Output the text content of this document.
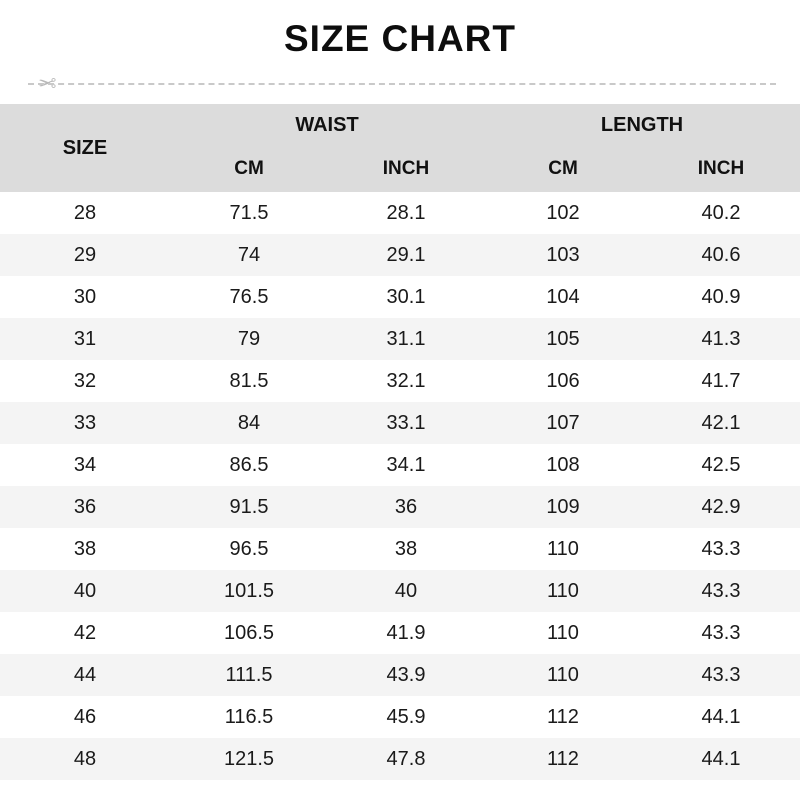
SIZE CHART
✂
SIZE	WAIST		LENGTH	
	CM	INCH	CM	INCH
28	71.5	28.1	102	40.2
29	74	29.1	103	40.6
30	76.5	30.1	104	40.9
31	79	31.1	105	41.3
32	81.5	32.1	106	41.7
33	84	33.1	107	42.1
34	86.5	34.1	108	42.5
36	91.5	36	109	42.9
38	96.5	38	110	43.3
40	101.5	40	110	43.3
42	106.5	41.9	110	43.3
44	111.5	43.9	110	43.3
46	116.5	45.9	112	44.1
48	121.5	47.8	112	44.1
